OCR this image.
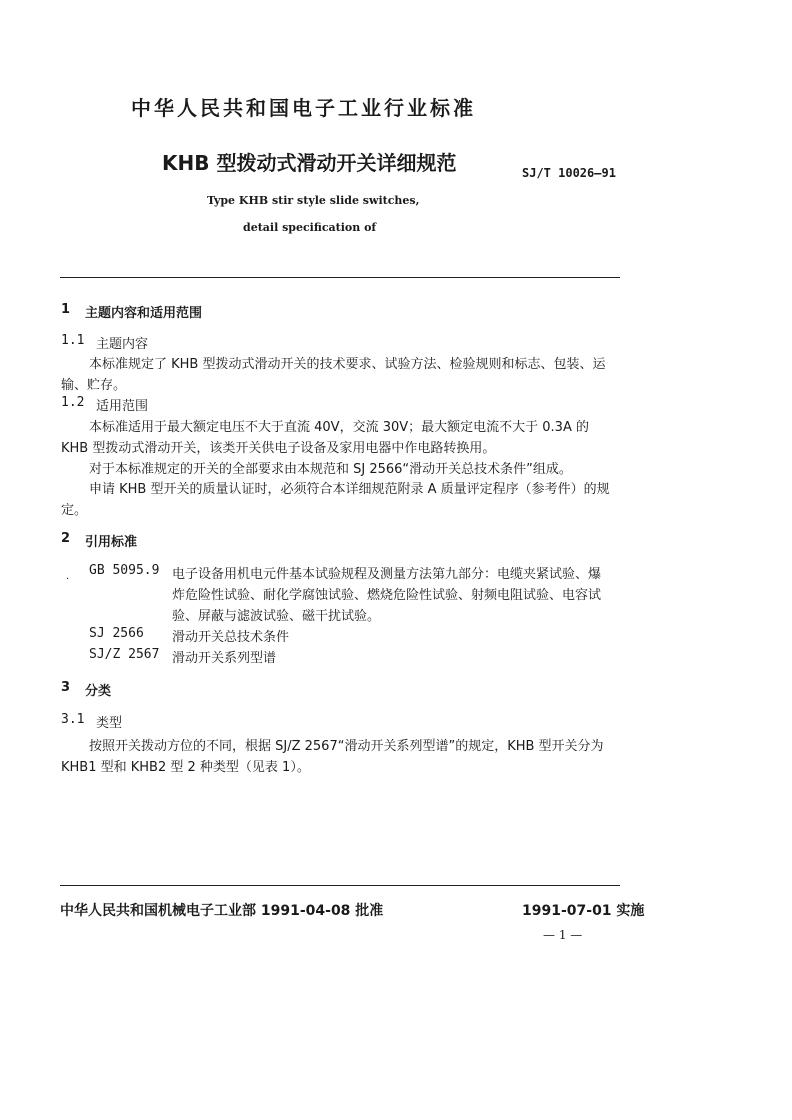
中华人民共和国电子工业行业标准
KHB 型拨动式滑动开关详细规范	SJ/T 10026—91
Type KHB stir style slide switches,
detail specification of
1 主题内容和适用范围
1.1 主题内容
本标准规定了 KHB 型拨动式滑动开关的技术要求、试验方法、检验规则和标志、包装、运
输、贮存。
1.2 适用范围
本标准适用于最大额定电压不大于直流 40V，交流 30V；最大额定电流不大于 0.3A 的
KHB 型拨动式滑动开关，该类开关供电子设备及家用电器中作电路转换用。
对于本标准规定的开关的全部要求由本规范和 SJ 2566“滑动开关总技术条件”组成。
申请 KHB 型开关的质量认证时，必须符合本详细规范附录 A 质量评定程序（参考件）的规
定。
2 引用标准
. GB 5095.9 电子设备用机电元件基本试验规程及测量方法第九部分：电缆夹紧试验、爆
炸危险性试验、耐化学腐蚀试验、燃烧危险性试验、射频电阻试验、电容试
验、屏蔽与滤波试验、磁干扰试验。
SJ 2566 滑动开关总技术条件
SJ/Z 2567 滑动开关系列型谱
3 分类
3.1 类型
按照开关拨动方位的不同，根据 SJ/Z 2567“滑动开关系列型谱”的规定，KHB 型开关分为
KHB1 型和 KHB2 型 2 种类型（见表 1）。
中华人民共和国机械电子工业部 1991-04-08 批准	1991-07-01 实施
— 1 —
